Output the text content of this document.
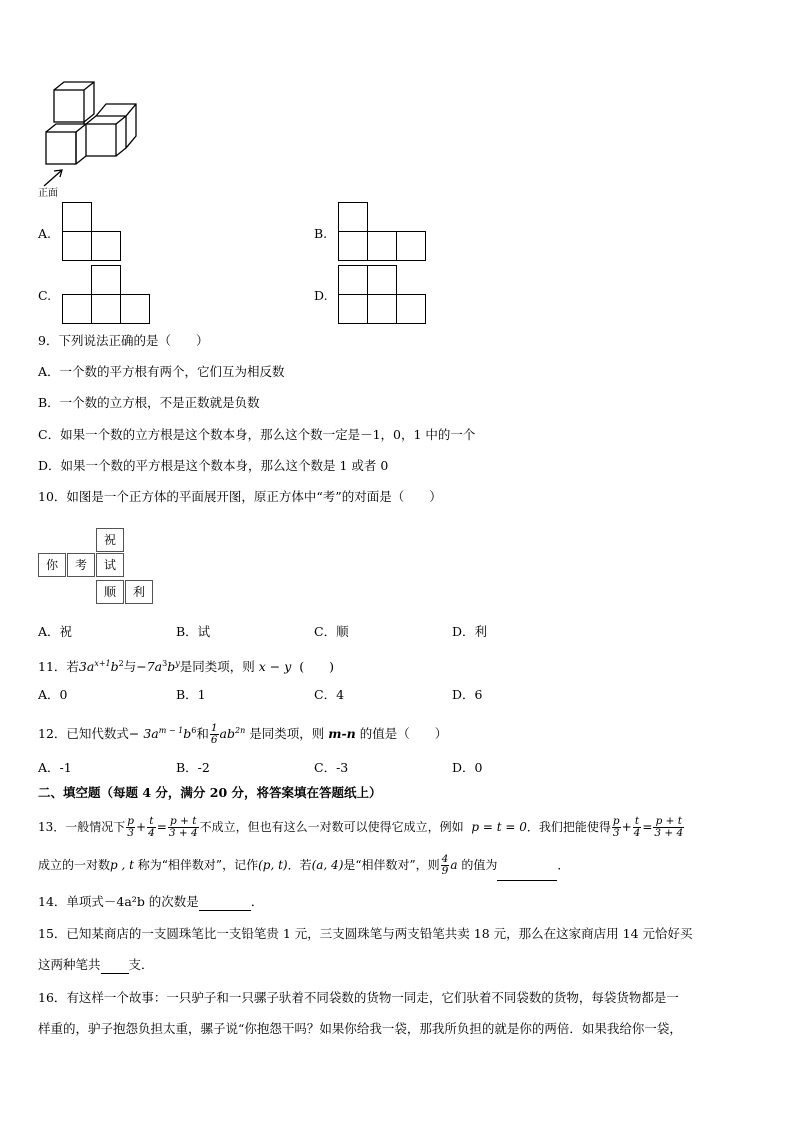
正面
A.	B.
C.	D.
9．下列说法正确的是（　　）
A．一个数的平方根有两个，它们互为相反数
B．一个数的立方根，不是正数就是负数
C．如果一个数的立方根是这个数本身，那么这个数一定是－1，0，1 中的一个
D．如果一个数的平方根是这个数本身，那么这个数是 1 或者 0
10．如图是一个正方体的平面展开图，原正方体中“考”的对面是（　　）
祝
你	考	试
顺	利
A．祝	B．试	C．顺	D．利
11．若$3a^{x+1}b^2$与$-7a^3b^y$是同类项，则 x − y (　　)
A．0	B．1	C．4	D．6
12．已知代数式− $3a^{m - 1}b^6$和 $\frac{1}{6} ab^{2n}$ 是同类项，则 m-n 的值是（　　）
A．-1	B．-2	C．-3	D．0
二、填空题（每题 4 分，满分 20 分，将答案填在答题纸上）
13．一般情况下 $\frac{p}{3} + \frac{t}{4} = \frac{p + t}{3 + 4}$ 不成立，但也有这么一对数可以使得它成立，例如 p = t = 0．我们把能使得 $\frac{p}{3} + \frac{t}{4} = \frac{p + t}{3 + 4}$
成立的一对数p , t 称为“相伴数对”，记作(p, t)．若(a, 4)是“相伴数对”，则 $\frac{4}{9}$ a 的值为	．
14．单项式－4a²b 的次数是	．
15．已知某商店的一支圆珠笔比一支铅笔贵 1 元，三支圆珠笔与两支铅笔共卖 18 元，那么在这家商店用 14 元恰好买
这两种笔共 支．
16．有这样一个故事：一只驴子和一只骡子驮着不同袋数的货物一同走，它们驮着不同袋数的货物，每袋货物都是一
样重的，驴子抱怨负担太重，骡子说“你抱怨干吗？如果你给我一袋，那我所负担的就是你的两倍．如果我给你一袋，
